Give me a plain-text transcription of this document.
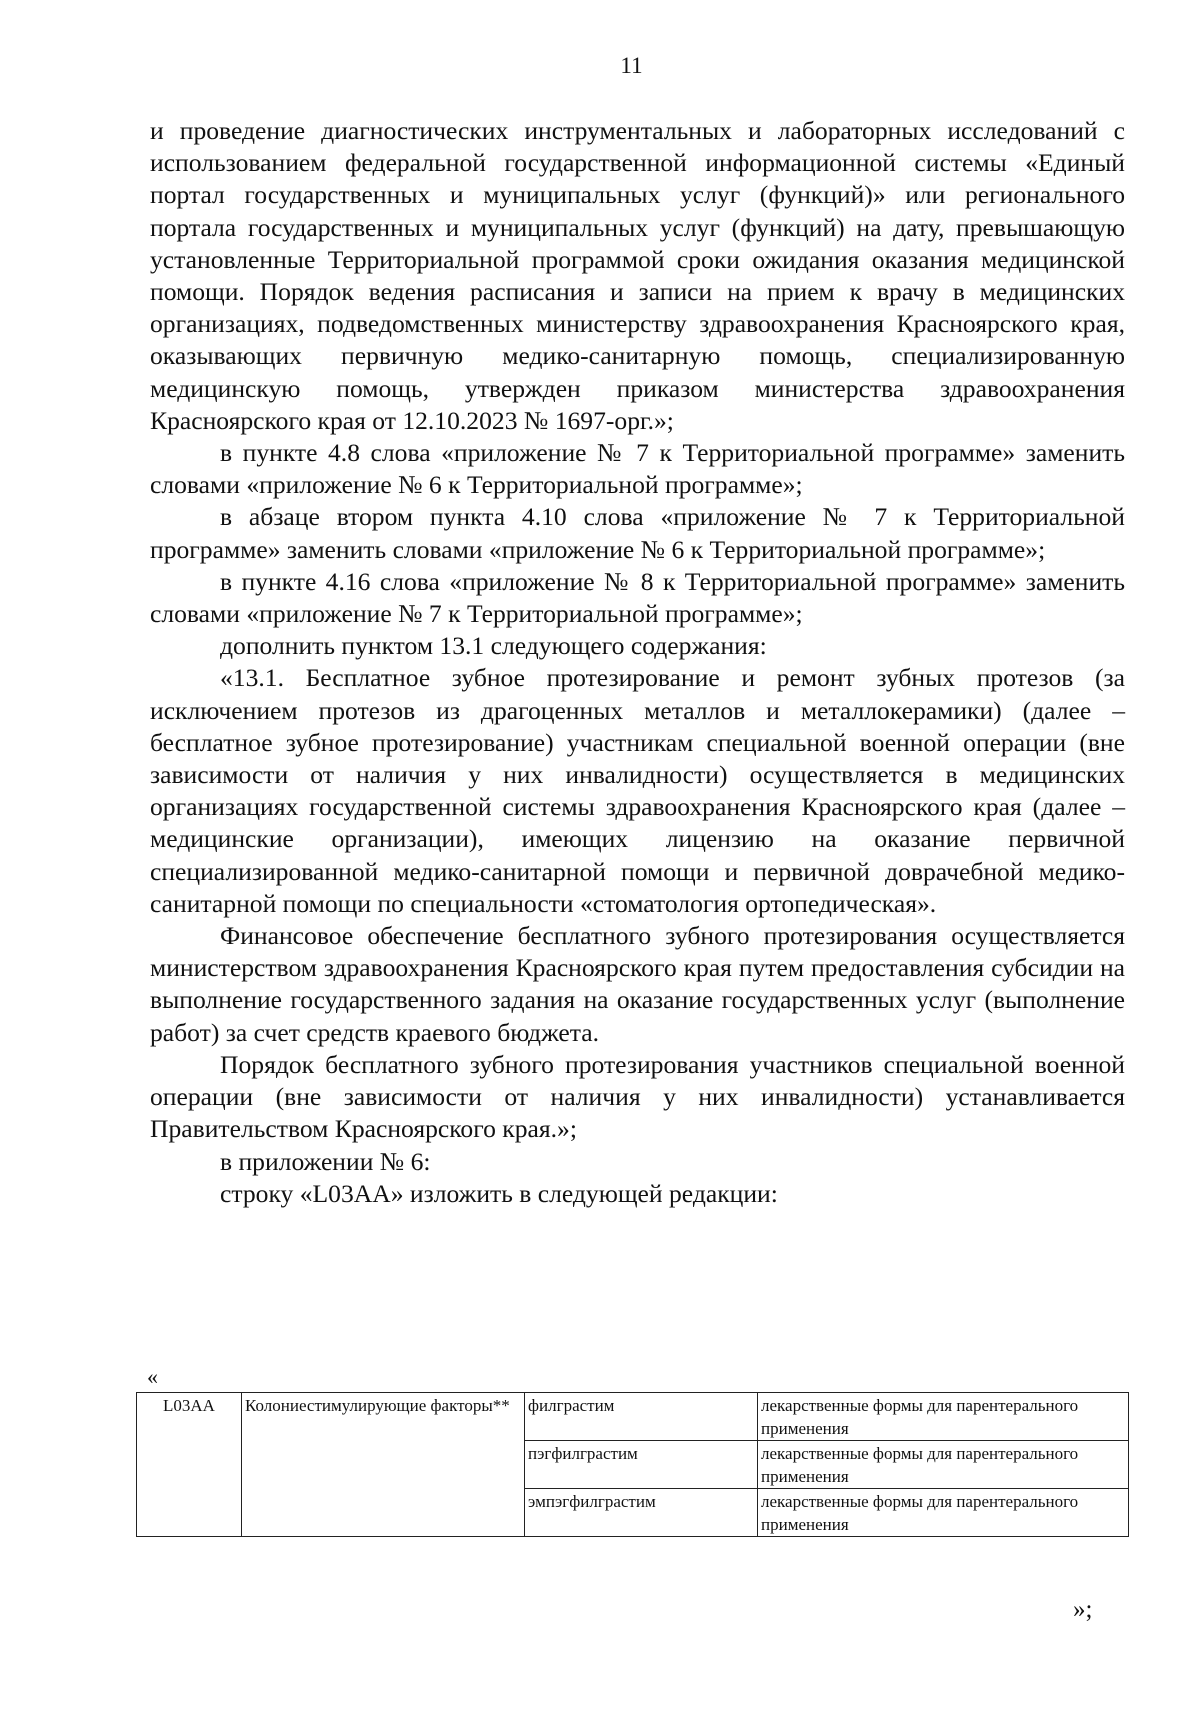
11

и проведение диагностических инструментальных и лабораторных исследований с использованием федеральной государственной информационной системы «Единый портал государственных и муниципальных услуг (функций)» или регионального портала государственных и муниципальных услуг (функций) на дату, превышающую установленные Территориальной программой сроки ожидания оказания медицинской помощи. Порядок ведения расписания и записи на прием к врачу в медицинских организациях, подведомственных министерству здравоохранения Красноярского края, оказывающих первичную медико-санитарную помощь, специализированную медицинскую помощь, утвержден приказом министерства здравоохранения Красноярского края от 12.10.2023 № 1697-орг.»;

в пункте 4.8 слова «приложение № 7 к Территориальной программе» заменить словами «приложение № 6 к Территориальной программе»;

в абзаце втором пункта 4.10 слова «приложение № 7 к Территориальной программе» заменить словами «приложение № 6 к Территориальной программе»;

в пункте 4.16 слова «приложение № 8 к Территориальной программе» заменить словами «приложение № 7 к Территориальной программе»;

дополнить пунктом 13.1 следующего содержания:

«13.1. Бесплатное зубное протезирование и ремонт зубных протезов (за исключением протезов из драгоценных металлов и металлокерамики) (далее – бесплатное зубное протезирование) участникам специальной военной операции (вне зависимости от наличия у них инвалидности) осуществляется в медицинских организациях государственной системы здравоохранения Красноярского края (далее – медицинские организации), имеющих лицензию на оказание первичной специализированной медико-санитарной помощи и первичной доврачебной медико-санитарной помощи по специальности «стоматология ортопедическая».

Финансовое обеспечение бесплатного зубного протезирования осуществляется министерством здравоохранения Красноярского края путем предоставления субсидии на выполнение государственного задания на оказание государственных услуг (выполнение работ) за счет средств краевого бюджета.

Порядок бесплатного зубного протезирования участников специальной военной операции (вне зависимости от наличия у них инвалидности) устанавливается Правительством Красноярского края.»;

в приложении № 6:

строку «L03AA» изложить в следующей редакции:

«
L03AA	Колониестимулирующие факторы**	филграстим	лекарственные формы для парентерального применения
		пэгфилграстим	лекарственные формы для парентерального применения
		эмпэгфилграстим	лекарственные формы для парентерального применения
»;
